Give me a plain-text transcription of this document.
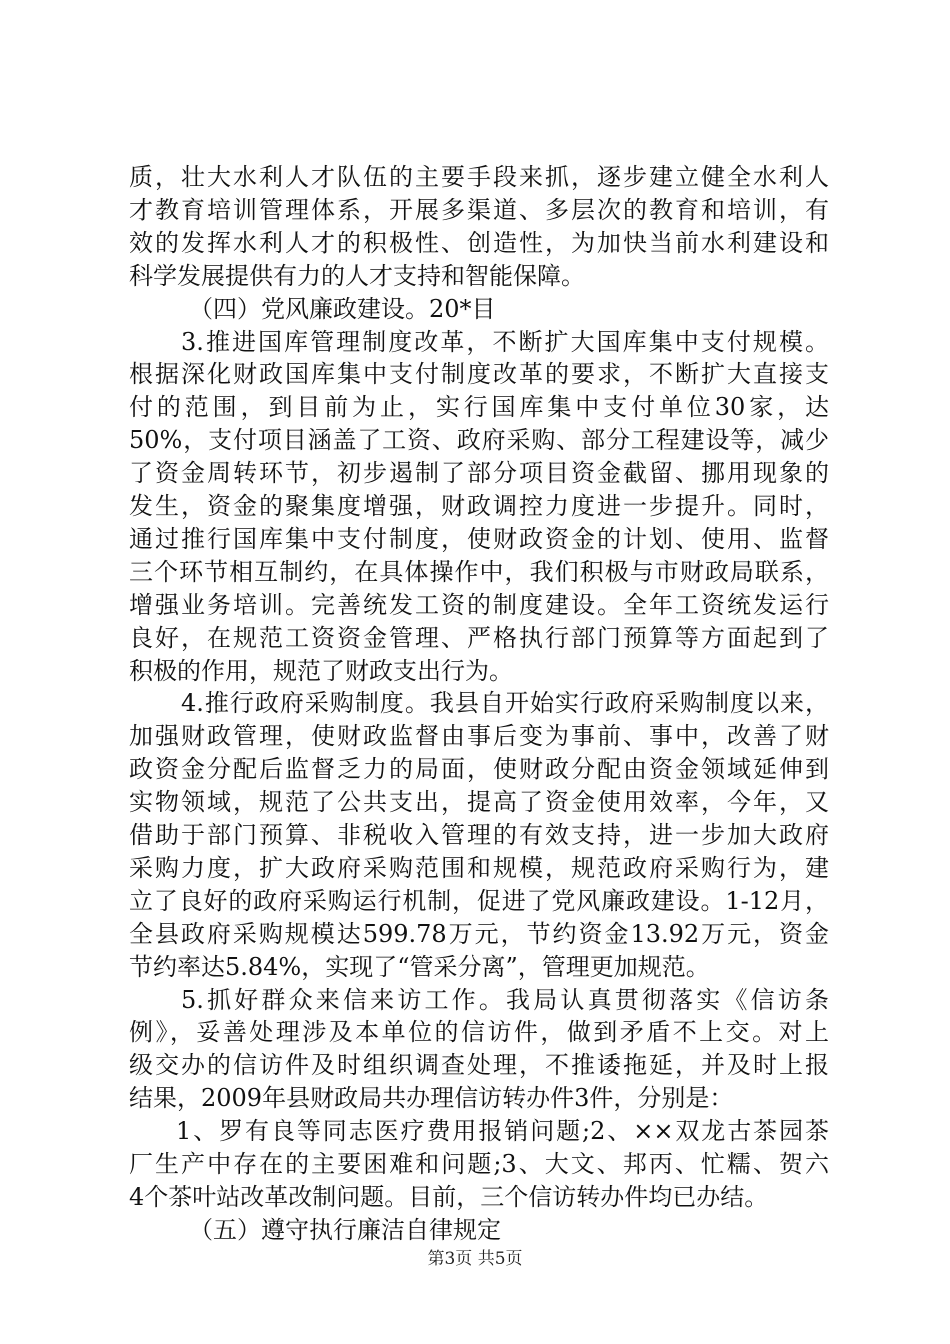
质，壮大水利人才队伍的主要手段来抓，逐步建立健全水利人
才教育培训管理体系，开展多渠道、多层次的教育和培训，有
效的发挥水利人才的积极性、创造性，为加快当前水利建设和
科学发展提供有力的人才支持和智能保障。
（四）党风廉政建设。20*目
3.推进国库管理制度改革，不断扩大国库集中支付规模。
根据深化财政国库集中支付制度改革的要求，不断扩大直接支
付的范围，到目前为止，实行国库集中支付单位30家，达
50%，支付项目涵盖了工资、政府采购、部分工程建设等，减少
了资金周转环节，初步遏制了部分项目资金截留、挪用现象的
发生，资金的聚集度增强，财政调控力度进一步提升。同时，
通过推行国库集中支付制度，使财政资金的计划、使用、监督
三个环节相互制约，在具体操作中，我们积极与市财政局联系，
增强业务培训。完善统发工资的制度建设。全年工资统发运行
良好，在规范工资资金管理、严格执行部门预算等方面起到了
积极的作用，规范了财政支出行为。
4.推行政府采购制度。我县自开始实行政府采购制度以来，
加强财政管理，使财政监督由事后变为事前、事中，改善了财
政资金分配后监督乏力的局面，使财政分配由资金领域延伸到
实物领域，规范了公共支出，提高了资金使用效率，今年，又
借助于部门预算、非税收入管理的有效支持，进一步加大政府
采购力度，扩大政府采购范围和规模，规范政府采购行为，建
立了良好的政府采购运行机制，促进了党风廉政建设。1-12月，
全县政府采购规模达599.78万元，节约资金13.92万元，资金
节约率达5.84%，实现了“管采分离”，管理更加规范。
5.抓好群众来信来访工作。我局认真贯彻落实《信访条
例》，妥善处理涉及本单位的信访件，做到矛盾不上交。对上
级交办的信访件及时组织调查处理，不推诿拖延，并及时上报
结果，2009年县财政局共办理信访转办件3件，分别是：
1、罗有良等同志医疗费用报销问题;2、××双龙古茶园茶
厂生产中存在的主要困难和问题;3、大文、邦丙、忙糯、贺六
4个茶叶站改革改制问题。目前，三个信访转办件均已办结。
（五）遵守执行廉洁自律规定
第3页 共5页
